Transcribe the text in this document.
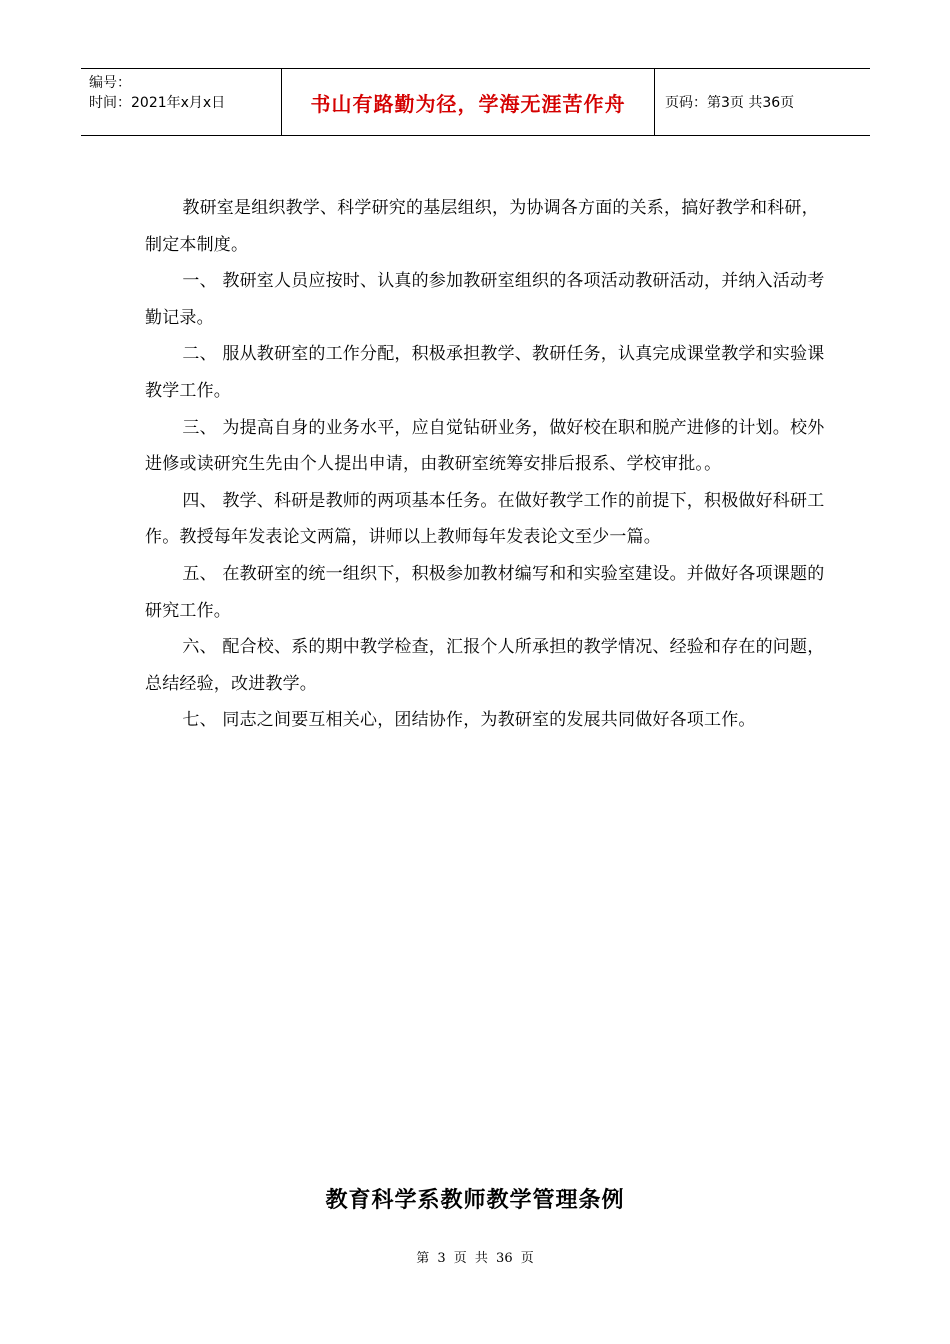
编号：
时间：2021年x月x日	书山有路勤为径，学海无涯苦作舟	页码：第3页 共36页

教研室是组织教学、科学研究的基层组织，为协调各方面的关系，搞好教学和科研，制定本制度。

一、 教研室人员应按时、认真的参加教研室组织的各项活动教研活动，并纳入活动考勤记录。

二、 服从教研室的工作分配，积极承担教学、教研任务，认真完成课堂教学和实验课教学工作。

三、 为提高自身的业务水平，应自觉钻研业务，做好校在职和脱产进修的计划。校外进修或读研究生先由个人提出申请，由教研室统筹安排后报系、学校审批。。

四、 教学、科研是教师的两项基本任务。在做好教学工作的前提下，积极做好科研工作。教授每年发表论文两篇，讲师以上教师每年发表论文至少一篇。

五、 在教研室的统一组织下，积极参加教材编写和和实验室建设。并做好各项课题的研究工作。

六、 配合校、系的期中教学检查，汇报个人所承担的教学情况、经验和存在的问题，总结经验，改进教学。

七、 同志之间要互相关心，团结协作，为教研室的发展共同做好各项工作。

教育科学系教师教学管理条例
第 3 页 共 36 页
